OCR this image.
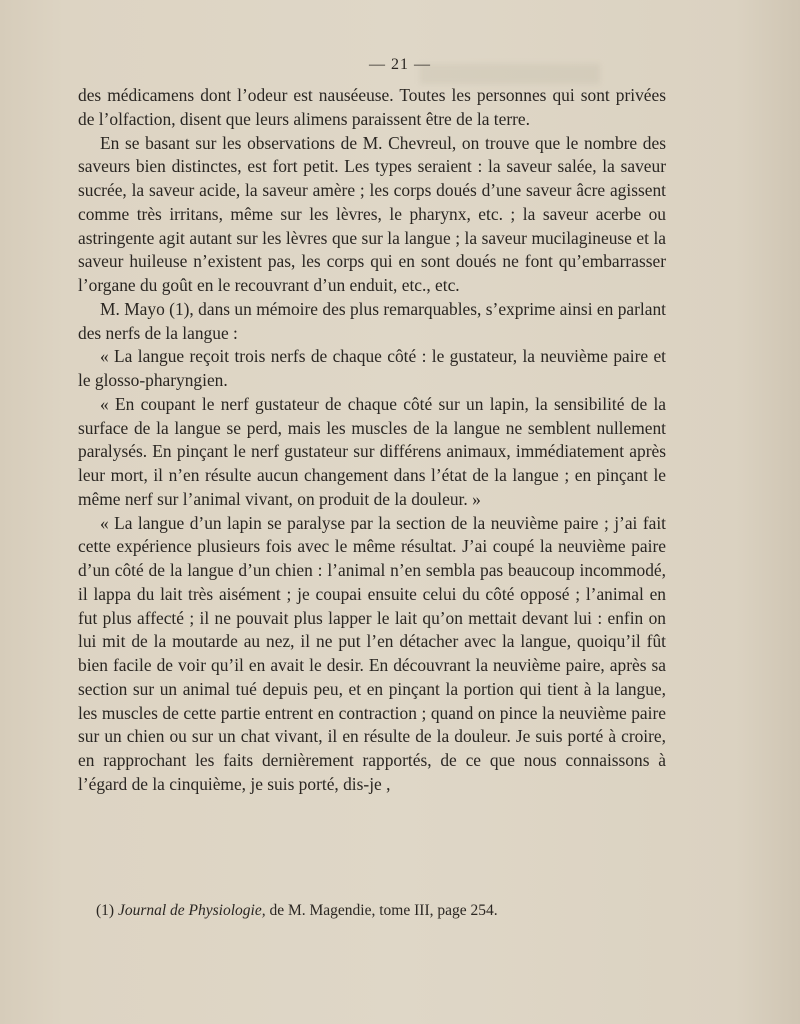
— 21 —

des médicamens dont l’odeur est nauséeuse. Toutes les personnes qui sont privées de l’olfaction, disent que leurs alimens paraissent être de la terre.

En se basant sur les observations de M. Chevreul, on trouve que le nombre des saveurs bien distinctes, est fort petit. Les types seraient : la saveur salée, la saveur sucrée, la saveur acide, la saveur amère ; les corps doués d’une saveur âcre agissent comme très irritans, même sur les lèvres, le pharynx, etc. ; la saveur acerbe ou astringente agit autant sur les lèvres que sur la langue ; la saveur mucilagineuse et la saveur huileuse n’existent pas, les corps qui en sont doués ne font qu’embarrasser l’organe du goût en le recouvrant d’un enduit, etc., etc.

M. Mayo (1), dans un mémoire des plus remarquables, s’exprime ainsi en parlant des nerfs de la langue :

« La langue reçoit trois nerfs de chaque côté : le gustateur, la neuvième paire et le glosso-pharyngien.

« En coupant le nerf gustateur de chaque côté sur un lapin, la sensibilité de la surface de la langue se perd, mais les muscles de la langue ne semblent nullement paralysés. En pinçant le nerf gustateur sur différens animaux, immédiatement après leur mort, il n’en résulte aucun changement dans l’état de la langue ; en pinçant le même nerf sur l’animal vivant, on produit de la douleur. »

« La langue d’un lapin se paralyse par la section de la neuvième paire ; j’ai fait cette expérience plusieurs fois avec le même résultat. J’ai coupé la neuvième paire d’un côté de la langue d’un chien : l’animal n’en sembla pas beaucoup incommodé, il lappa du lait très aisément ; je coupai ensuite celui du côté opposé ; l’animal en fut plus affecté ; il ne pouvait plus lapper le lait qu’on mettait devant lui : enfin on lui mit de la moutarde au nez, il ne put l’en détacher avec la langue, quoiqu’il fût bien facile de voir qu’il en avait le desir. En découvrant la neuvième paire, après sa section sur un animal tué depuis peu, et en pinçant la portion qui tient à la langue, les muscles de cette partie entrent en contraction ; quand on pince la neuvième paire sur un chien ou sur un chat vivant, il en résulte de la douleur. Je suis porté à croire, en rapprochant les faits dernièrement rapportés, de ce que nous connaissons à l’égard de la cinquième, je suis porté, dis-je ,

(1) Journal de Physiologie, de M. Magendie, tome III, page 254.
